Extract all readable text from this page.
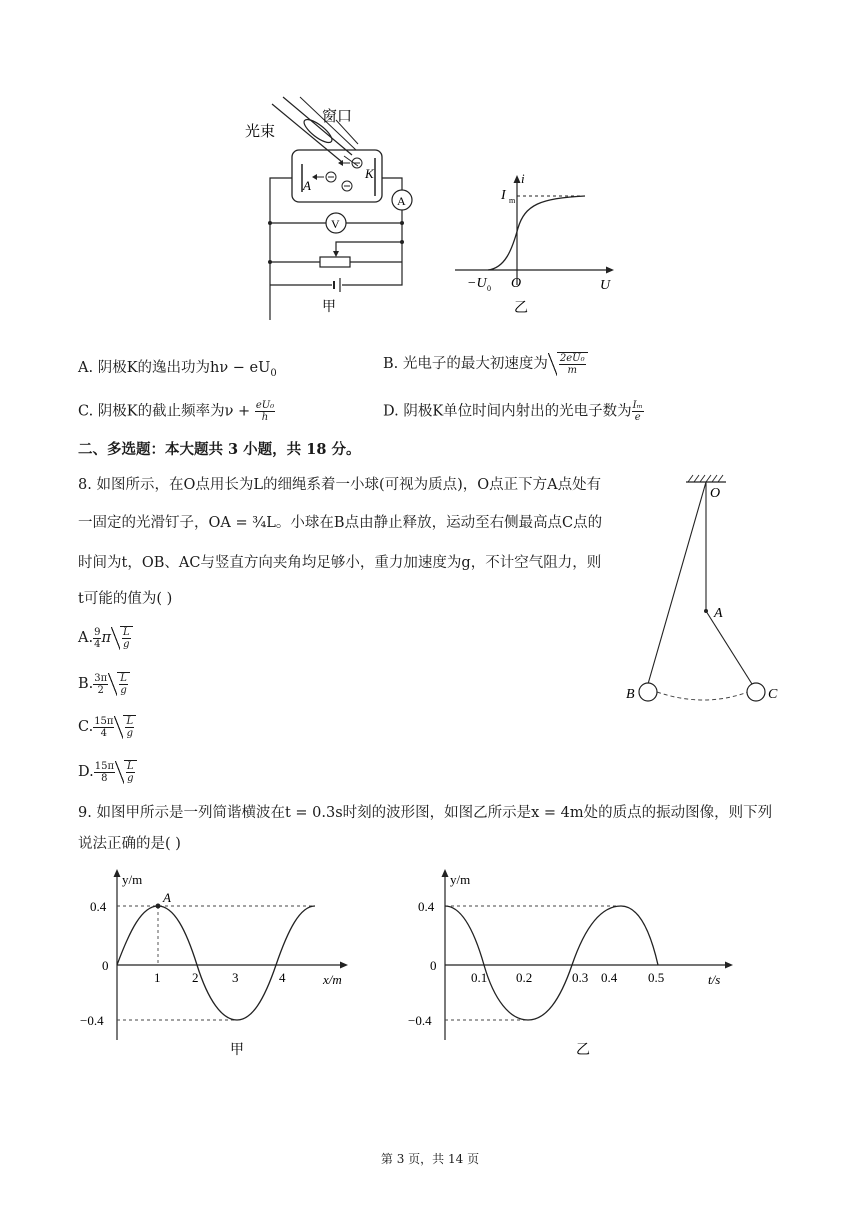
光束
窗口
A
K
A
V
甲
i
U
O
I m
−U 0
乙
A. 阴极K的逸出功为$h\nu - eU_0$
B. 光电子的最大初速度为 $\frac{\text{2eU₀}}{m}$
C. 阴极K的截止频率为$\nu + \frac{\text{eU₀}}{h}$	D. 阴极K单位时间内射出的光电子数为 $\frac{\text{Iₘ}}{e}$
二、多选题：本大题共 3 小题，共 18 分。
8. 如图所示，在O点用长为L的细绳系着一小球(可视为质点)，O点正下方A点处有
一固定的光滑钉子，OA = ¾L。小球在B点由静止释放，运动至右侧最高点C点的
时间为t，OB、AC与竖直方向夹角均足够小，重力加速度为g，不计空气阻力，则
t可能的值为( )
A. $\frac{9}{4}$ π $\frac{L}{g}$
B. $\frac{3\pi}{2} \frac{L}{g}$
C. $\frac{15\pi}{4} \frac{L}{g}$
D. $\frac{15\pi}{8} \frac{L}{g}$
O
A
B	C
9. 如图甲所示是一列简谐横波在t = 0.3s时刻的波形图，如图乙所示是x = 4m处的质点的振动图像，则下列
说法正确的是( )
y/m
A
x/m
1 2	3	4
0.4
0
−0.4
甲
y/m
t/s
0.1 0.2	0.3 0.4 0.5
0.4
0
−0.4
乙
第 3 页，共 14 页
